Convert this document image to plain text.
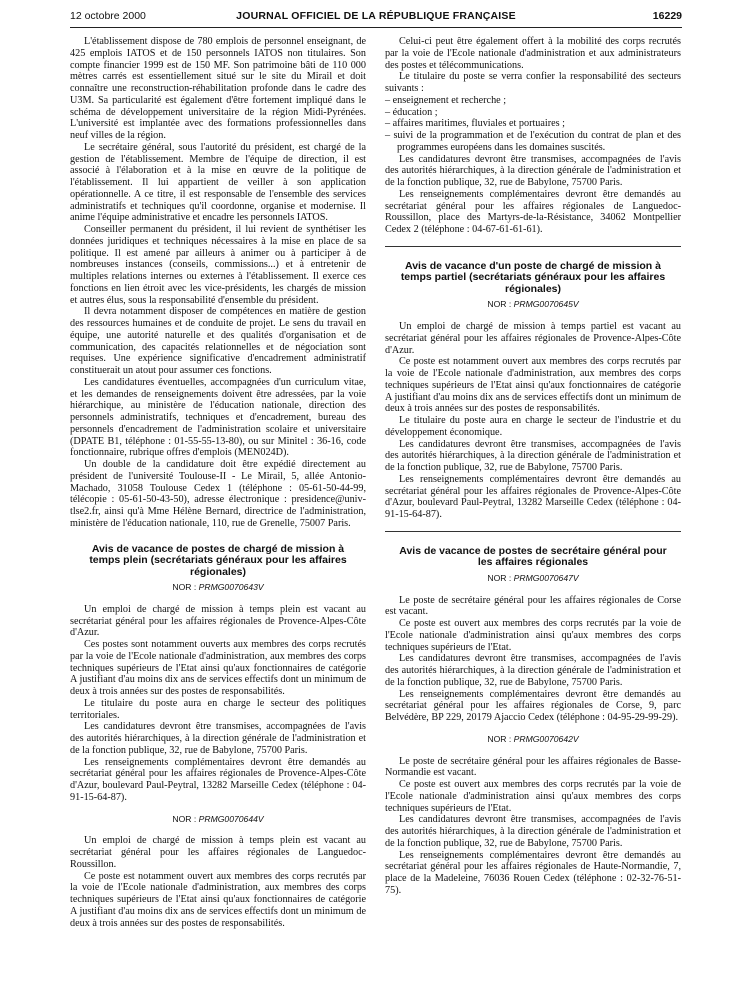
12 octobre 2000	JOURNAL OFFICIEL DE LA RÉPUBLIQUE FRANÇAISE	16229

L'établissement dispose de 780 emplois de personnel enseignant, de 425 emplois IATOS et de 150 personnels IATOS non titulaires. Son compte financier 1999 est de 150 MF. Son patrimoine bâti de 110 000 mètres carrés est essentiellement situé sur le site du Mirail et doit connaître une reconstruction-réhabilitation profonde dans le cadre des U3M. Sa particularité est également d'être fortement impliqué dans le schéma de développement universitaire de la région Midi-Pyrénées. L'université est implantée avec des formations professionnelles dans neuf villes de la région.

Le secrétaire général, sous l'autorité du président, est chargé de la gestion de l'établissement. Membre de l'équipe de direction, il est associé à l'élaboration et à la mise en œuvre de la politique de l'établissement. Il lui appartient de veiller à son application opérationnelle. A ce titre, il est responsable de l'ensemble des services administratifs et techniques qu'il coordonne, organise et modernise. Il anime l'équipe administrative et encadre les personnels IATOS.

Conseiller permanent du président, il lui revient de synthétiser les données juridiques et techniques nécessaires à la mise en place de sa politique. Il est amené par ailleurs à animer ou à participer à de nombreuses instances (conseils, commissions...) et à entretenir de multiples relations internes ou externes à l'établissement. Il exerce ces fonctions en lien étroit avec les vice-présidents, les chargés de mission et autres élus, sous la responsabilité d'ensemble du président.

Il devra notamment disposer de compétences en matière de gestion des ressources humaines et de conduite de projet. Le sens du travail en équipe, une autorité naturelle et des qualités d'organisation et de communication, des capacités relationnelles et de négociation sont requises. Une expérience significative d'encadrement administratif constituerait un atout pour assumer ces fonctions.

Les candidatures éventuelles, accompagnées d'un curriculum vitae, et les demandes de renseignements doivent être adressées, par la voie hiérarchique, au ministère de l'éducation nationale, direction des personnels administratifs, techniques et d'encadrement, bureau des personnels d'encadrement de l'administration scolaire et universitaire (DPATE B1, téléphone : 01-55-55-13-80), ou sur Minitel : 36-16, code fonctionnaire, rubrique offres d'emplois (MEN024D).

Un double de la candidature doit être expédié directement au président de l'université Toulouse-II - Le Mirail, 5, allée Antonio-Machado, 31058 Toulouse Cedex 1 (téléphone : 05-61-50-44-99, télécopie : 05-61-50-43-50), adresse électronique : presidence@univ-tlse2.fr, ainsi qu'à Mme Hélène Bernard, directrice de l'administration, ministère de l'éducation nationale, 110, rue de Grenelle, 75007 Paris.

Avis de vacance de postes de chargé de mission à temps plein (secrétariats généraux pour les affaires régionales)
NOR : PRMG0070643V

Un emploi de chargé de mission à temps plein est vacant au secrétariat général pour les affaires régionales de Provence-Alpes-Côte d'Azur.

Ces postes sont notamment ouverts aux membres des corps recrutés par la voie de l'Ecole nationale d'administration, aux membres des corps techniques supérieurs de l'Etat ainsi qu'aux fonctionnaires de catégorie A justifiant d'au moins dix ans de services effectifs dont un minimum de deux à trois années sur des postes de responsabilités.

Le titulaire du poste aura en charge le secteur des politiques territoriales.

Les candidatures devront être transmises, accompagnées de l'avis des autorités hiérarchiques, à la direction générale de l'administration et de la fonction publique, 32, rue de Babylone, 75700 Paris.

Les renseignements complémentaires devront être demandés au secrétariat général pour les affaires régionales de Provence-Alpes-Côte d'Azur, boulevard Paul-Peytral, 13282 Marseille Cedex (téléphone : 04-91-15-64-87).

NOR : PRMG0070644V

Un emploi de chargé de mission à temps plein est vacant au secrétariat général pour les affaires régionales de Languedoc-Roussillon.

Ce poste est notamment ouvert aux membres des corps recrutés par la voie de l'Ecole nationale d'administration, aux membres des corps techniques supérieurs de l'Etat ainsi qu'aux fonctionnaires de catégorie A justifiant d'au moins dix ans de services effectifs dont un minimum de deux à trois années sur des postes de responsabilités.

Celui-ci peut être également offert à la mobilité des corps recrutés par la voie de l'Ecole nationale d'administration et aux administrateurs des postes et télécommunications.

Le titulaire du poste se verra confier la responsabilité des secteurs suivants :

– enseignement et recherche ;
– éducation ;
– affaires maritimes, fluviales et portuaires ;
– suivi de la programmation et de l'exécution du contrat de plan et des programmes européens dans les domaines suscités.

Les candidatures devront être transmises, accompagnées de l'avis des autorités hiérarchiques, à la direction générale de l'administration et de la fonction publique, 32, rue de Babylone, 75700 Paris.

Les renseignements complémentaires devront être demandés au secrétariat général pour les affaires régionales de Languedoc-Roussillon, place des Martyrs-de-la-Résistance, 34062 Montpellier Cedex 2 (téléphone : 04-67-61-61-61).

Avis de vacance d'un poste de chargé de mission à temps partiel (secrétariats généraux pour les affaires régionales)
NOR : PRMG0070645V

Un emploi de chargé de mission à temps partiel est vacant au secrétariat général pour les affaires régionales de Provence-Alpes-Côte d'Azur.

Ce poste est notamment ouvert aux membres des corps recrutés par la voie de l'Ecole nationale d'administration, aux membres des corps techniques supérieurs de l'Etat ainsi qu'aux fonctionnaires de catégorie A justifiant d'au moins dix ans de services effectifs dont un minimum de deux à trois années sur des postes de responsabilités.

Le titulaire du poste aura en charge le secteur de l'industrie et du développement économique.

Les candidatures devront être transmises, accompagnées de l'avis des autorités hiérarchiques, à la direction générale de l'administration et de la fonction publique, 32, rue de Babylone, 75700 Paris.

Les renseignements complémentaires devront être demandés au secrétariat général pour les affaires régionales de Provence-Alpes-Côte d'Azur, boulevard Paul-Peytral, 13282 Marseille Cedex (téléphone : 04-91-15-64-87).

Avis de vacance de postes de secrétaire général pour les affaires régionales
NOR : PRMG0070647V

Le poste de secrétaire général pour les affaires régionales de Corse est vacant.

Ce poste est ouvert aux membres des corps recrutés par la voie de l'Ecole nationale d'administration ainsi qu'aux membres des corps techniques supérieurs de l'Etat.

Les candidatures devront être transmises, accompagnées de l'avis des autorités hiérarchiques, à la direction générale de l'administration et de la fonction publique, 32, rue de Babylone, 75700 Paris.

Les renseignements complémentaires devront être demandés au secrétariat général pour les affaires régionales de Corse, 9, parc Belvédère, BP 229, 20179 Ajaccio Cedex (téléphone : 04-95-29-99-29).

NOR : PRMG0070642V

Le poste de secrétaire général pour les affaires régionales de Basse-Normandie est vacant.

Ce poste est ouvert aux membres des corps recrutés par la voie de l'Ecole nationale d'administration ainsi qu'aux membres des corps techniques supérieurs de l'Etat.

Les candidatures devront être transmises, accompagnées de l'avis des autorités hiérarchiques, à la direction générale de l'administration et de la fonction publique, 32, rue de Babylone, 75700 Paris.

Les renseignements complémentaires devront être demandés au secrétariat général pour les affaires régionales de Haute-Normandie, 7, place de la Madeleine, 76036 Rouen Cedex (téléphone : 02-32-76-51-75).
